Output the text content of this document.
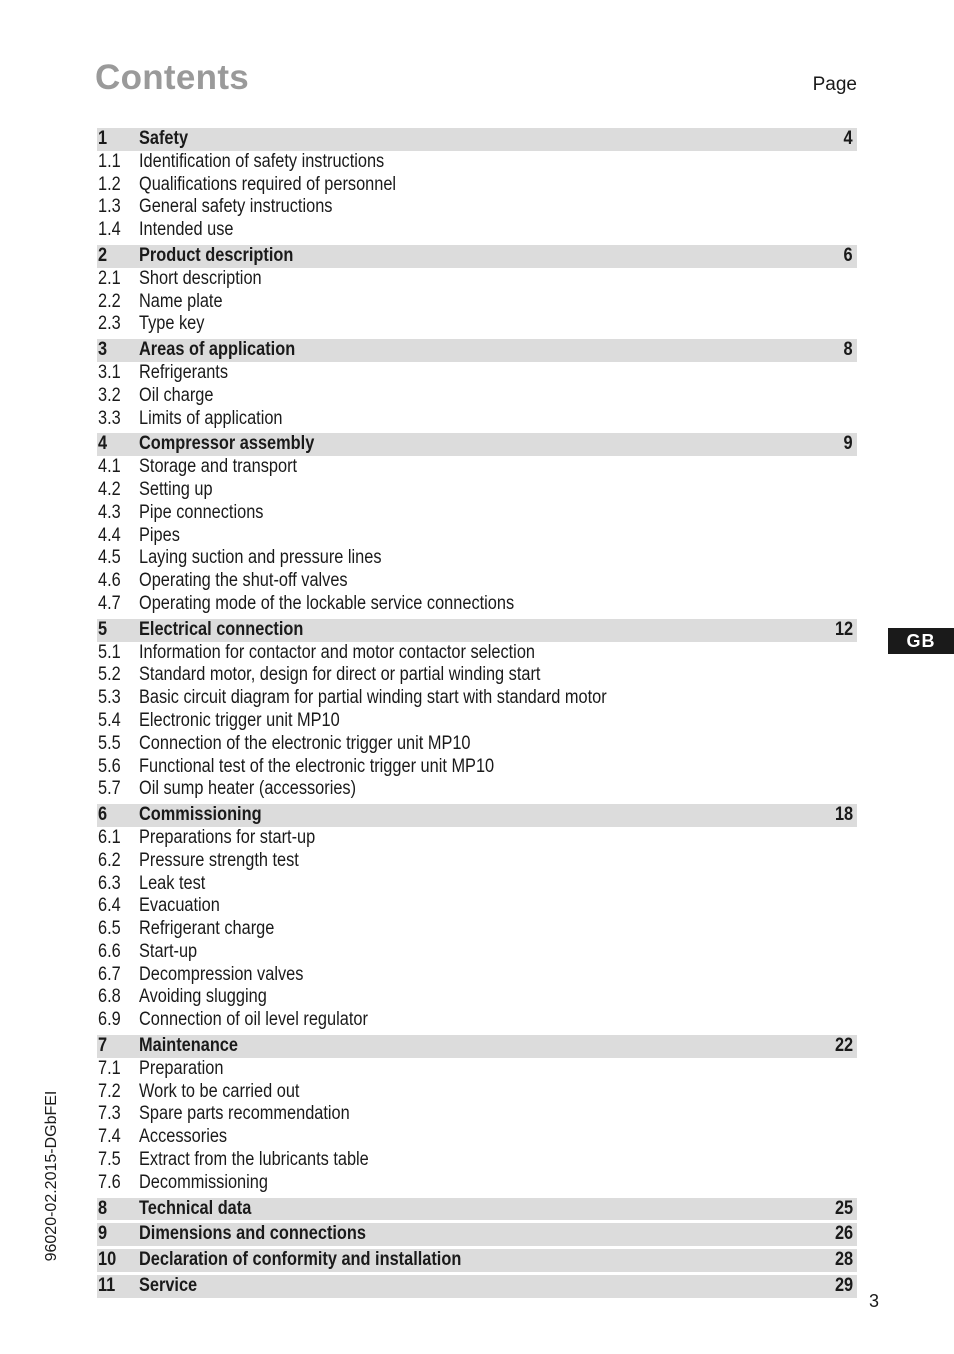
Contents	Page
1 Safety	4
1.1 Identification of safety instructions
1.2 Qualifications required of personnel
1.3 General safety instructions
1.4 Intended use
2 Product description	6
2.1 Short description
2.2 Name plate
2.3 Type key
3 Areas of application	8
3.1 Refrigerants
3.2 Oil charge
3.3 Limits of application
4 Compressor assembly	9
4.1 Storage and transport
4.2 Setting up
4.3 Pipe connections
4.4 Pipes
4.5 Laying suction and pressure lines
4.6 Operating the shut-off valves
4.7 Operating mode of the lockable service connections
5 Electrical connection	12
5.1 Information for contactor and motor contactor selection
5.2 Standard motor, design for direct or partial winding start
5.3 Basic circuit diagram for partial winding start with standard motor
5.4 Electronic trigger unit MP10
5.5 Connection of the electronic trigger unit MP10
5.6 Functional test of the electronic trigger unit MP10
5.7 Oil sump heater (accessories)
6 Commissioning	18
6.1 Preparations for start-up
6.2 Pressure strength test
6.3 Leak test
6.4 Evacuation
6.5 Refrigerant charge
6.6 Start-up
6.7 Decompression valves
6.8 Avoiding slugging
6.9 Connection of oil level regulator
7 Maintenance	22
7.1 Preparation
7.2 Work to be carried out
7.3 Spare parts recommendation
7.4 Accessories
7.5 Extract from the lubricants table
7.6 Decommissioning
8 Technical data	25
9 Dimensions and connections	26
10 Declaration of conformity and installation	28
11 Service	29
GB
96020-02.2015-DGbFEI
3
